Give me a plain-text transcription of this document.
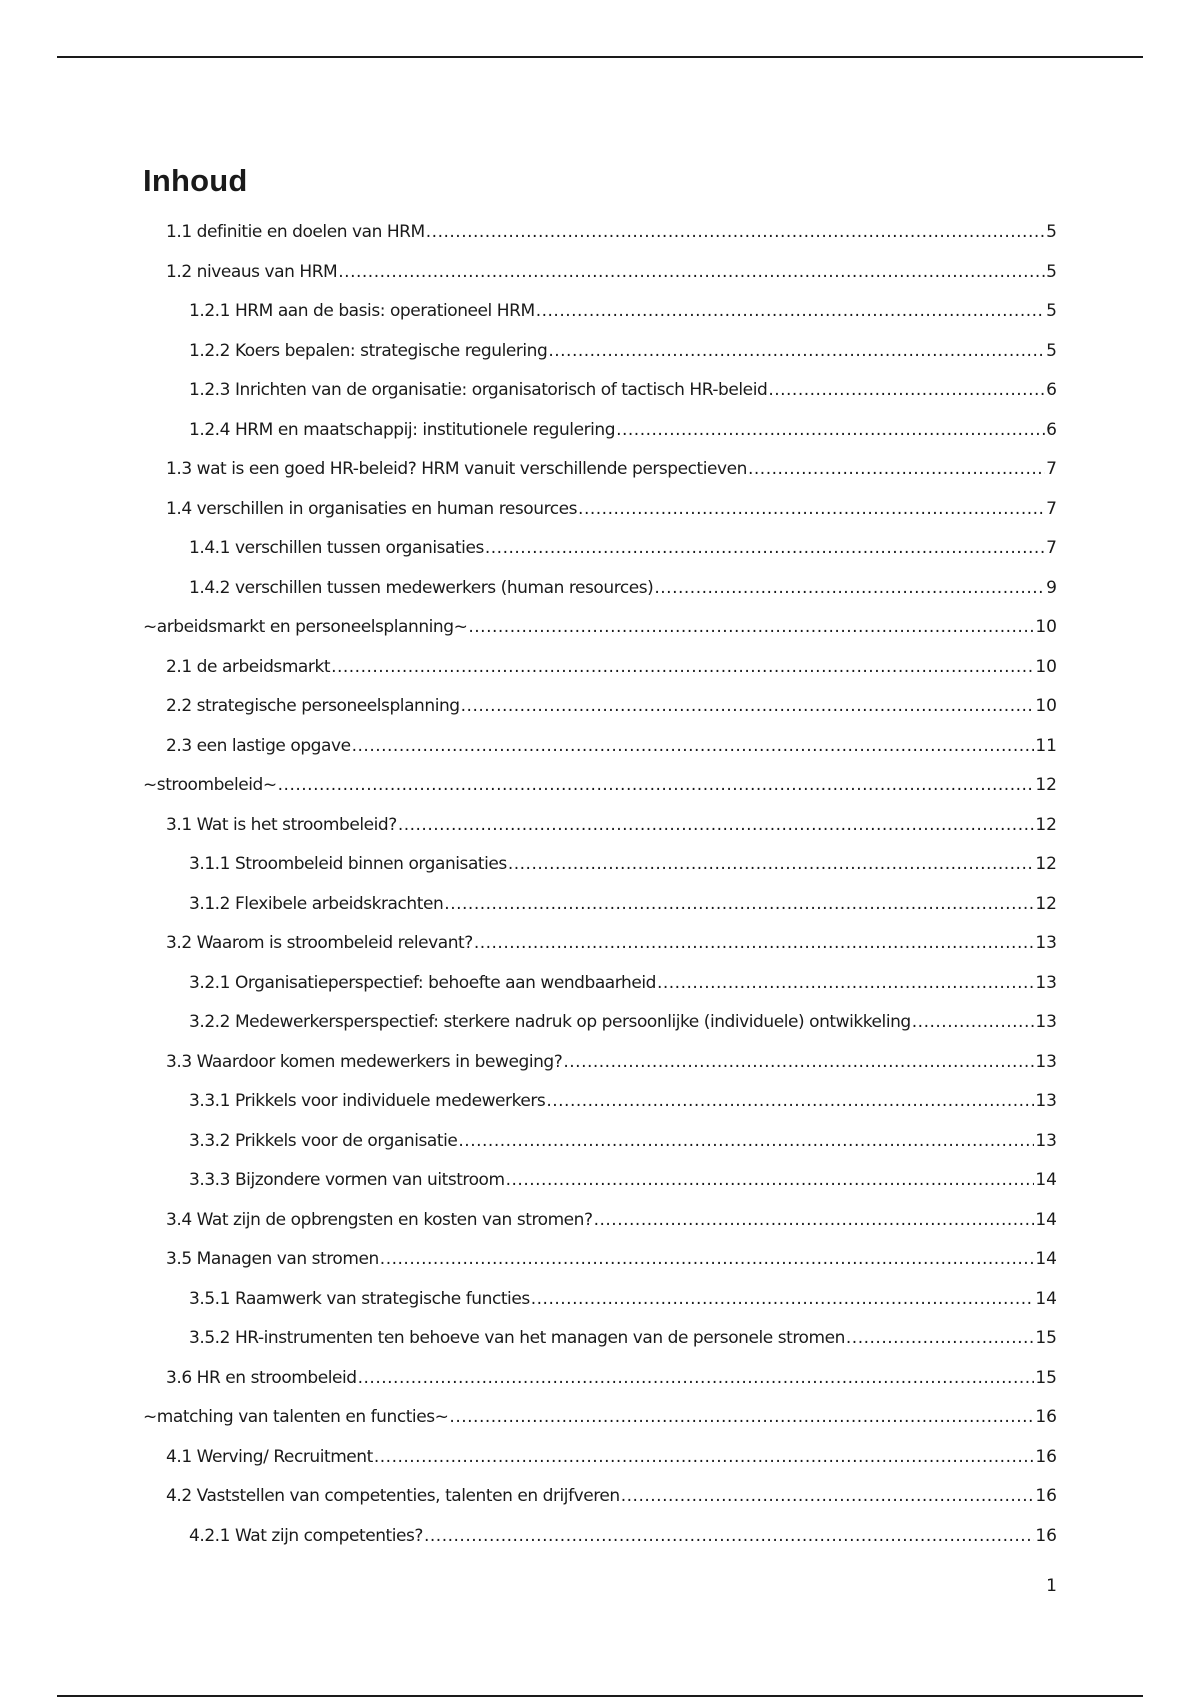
Inhoud
1.1 definitie en doelen van HRM .....	5
1.2 niveaus van HRM .....	5
1.2.1 HRM aan de basis: operationeel HRM .....	5
1.2.2 Koers bepalen: strategische regulering .....	5
1.2.3 Inrichten van de organisatie: organisatorisch of tactisch HR-beleid .....	6
1.2.4 HRM en maatschappij: institutionele regulering .....	6
1.3 wat is een goed HR-beleid? HRM vanuit verschillende perspectieven .....	7
1.4 verschillen in organisaties en human resources .....	7
1.4.1 verschillen tussen organisaties .....	7
1.4.2 verschillen tussen medewerkers (human resources) .....	9
~arbeidsmarkt en personeelsplanning~ .....	10
2.1 de arbeidsmarkt .....	10
2.2 strategische personeelsplanning .....	10
2.3 een lastige opgave .....	11
~stroombeleid~ .....	12
3.1 Wat is het stroombeleid? .....	12
3.1.1 Stroombeleid binnen organisaties .....	12
3.1.2 Flexibele arbeidskrachten .....	12
3.2 Waarom is stroombeleid relevant? .....	13
3.2.1 Organisatieperspectief: behoefte aan wendbaarheid .....	13
3.2.2 Medewerkersperspectief: sterkere nadruk op persoonlijke (individuele) ontwikkeling .....	13
3.3 Waardoor komen medewerkers in beweging? .....	13
3.3.1 Prikkels voor individuele medewerkers .....	13
3.3.2 Prikkels voor de organisatie .....	13
3.3.3 Bijzondere vormen van uitstroom .....	14
3.4 Wat zijn de opbrengsten en kosten van stromen? .....	14
3.5 Managen van stromen .....	14
3.5.1 Raamwerk van strategische functies .....	14
3.5.2 HR-instrumenten ten behoeve van het managen van de personele stromen .....	15
3.6 HR en stroombeleid .....	15
~matching van talenten en functies~ .....	16
4.1 Werving/ Recruitment .....	16
4.2 Vaststellen van competenties, talenten en drijfveren .....	16
4.2.1 Wat zijn competenties? .....	16
1
